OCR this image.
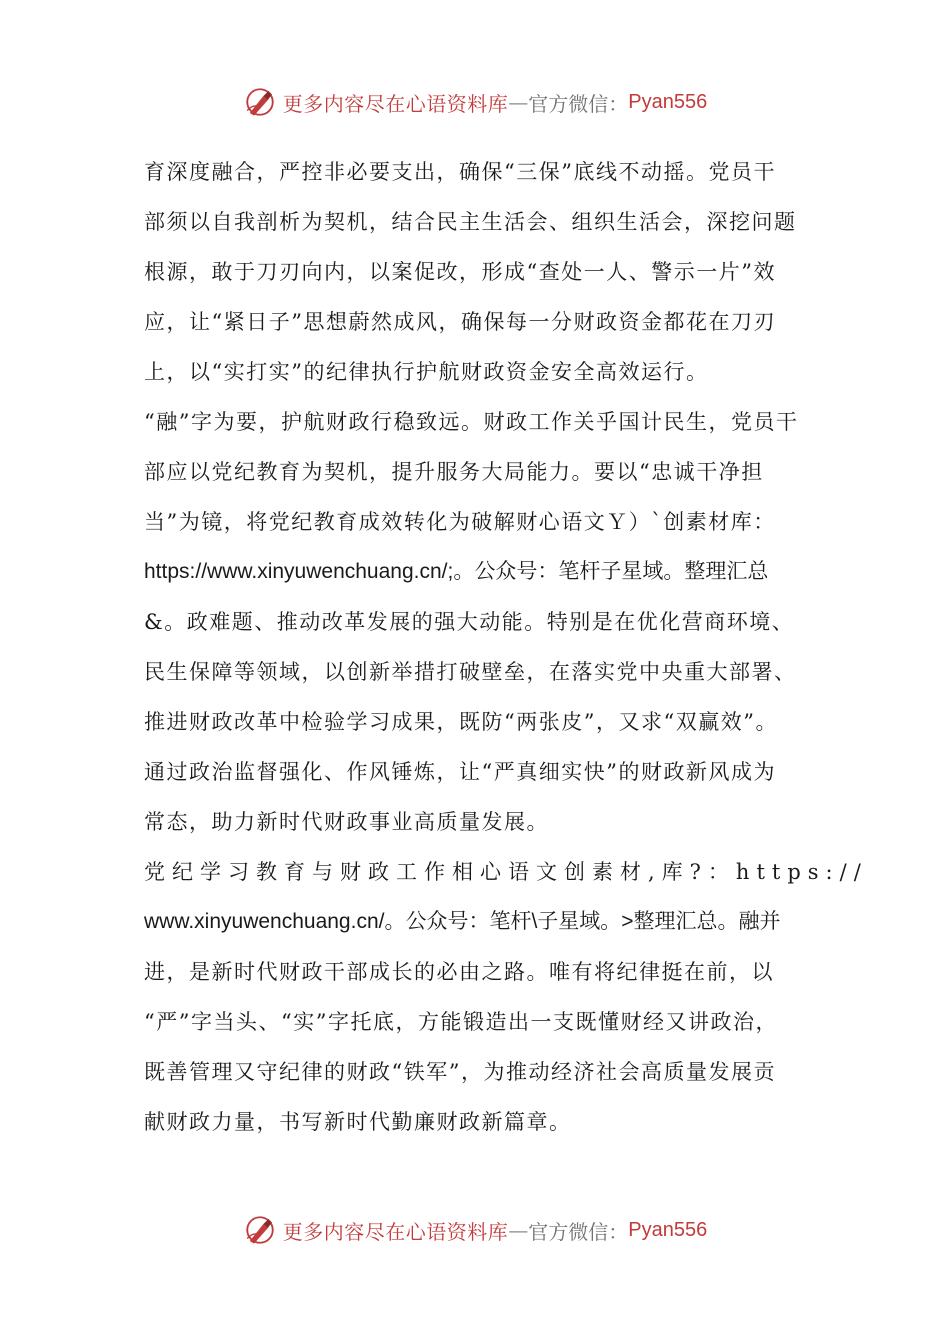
更多内容尽在心语资料库 — 官方微信： Pyan556
育深度融合，严控非必要支出，确保“三保”底线不动摇。党员干
部须以自我剖析为契机，结合民主生活会、组织生活会，深挖问题
根源，敢于刀刃向内，以案促改，形成“查处一人、警示一片”效
应，让“紧日子”思想蔚然成风，确保每一分财政资金都花在刀刃
上，以“实打实”的纪律执行护航财政资金安全高效运行。
“融”字为要，护航财政行稳致远。财政工作关乎国计民生，党员干
部应以党纪教育为契机，提升服务大局能力。要以“忠诚干净担
当”为镜，将党纪教育成效转化为破解财心语文Ｙ）`创素材库：
https://www.xinyuwenchuang.cn/;。公众号：笔杆子星域。整理汇总
&。政难题、推动改革发展的强大动能。特别是在优化营商环境、
民生保障等领域，以创新举措打破壁垒，在落实党中央重大部署、
推进财政改革中检验学习成果，既防“两张皮”，又求“双赢效”。
通过政治监督强化、作风锤炼，让“严真细实快”的财政新风成为
常态，助力新时代财政事业高质量发展。
党纪学习教育与财政工作相心语文创素材,库?：https://
www.xinyuwenchuang.cn/。公众号：笔杆\子星域。>整理汇总。融并
进，是新时代财政干部成长的必由之路。唯有将纪律挺在前，以
“严”字当头、“实”字托底，方能锻造出一支既懂财经又讲政治，
既善管理又守纪律的财政“铁军”，为推动经济社会高质量发展贡
献财政力量，书写新时代勤廉财政新篇章。
更多内容尽在心语资料库 — 官方微信： Pyan556
